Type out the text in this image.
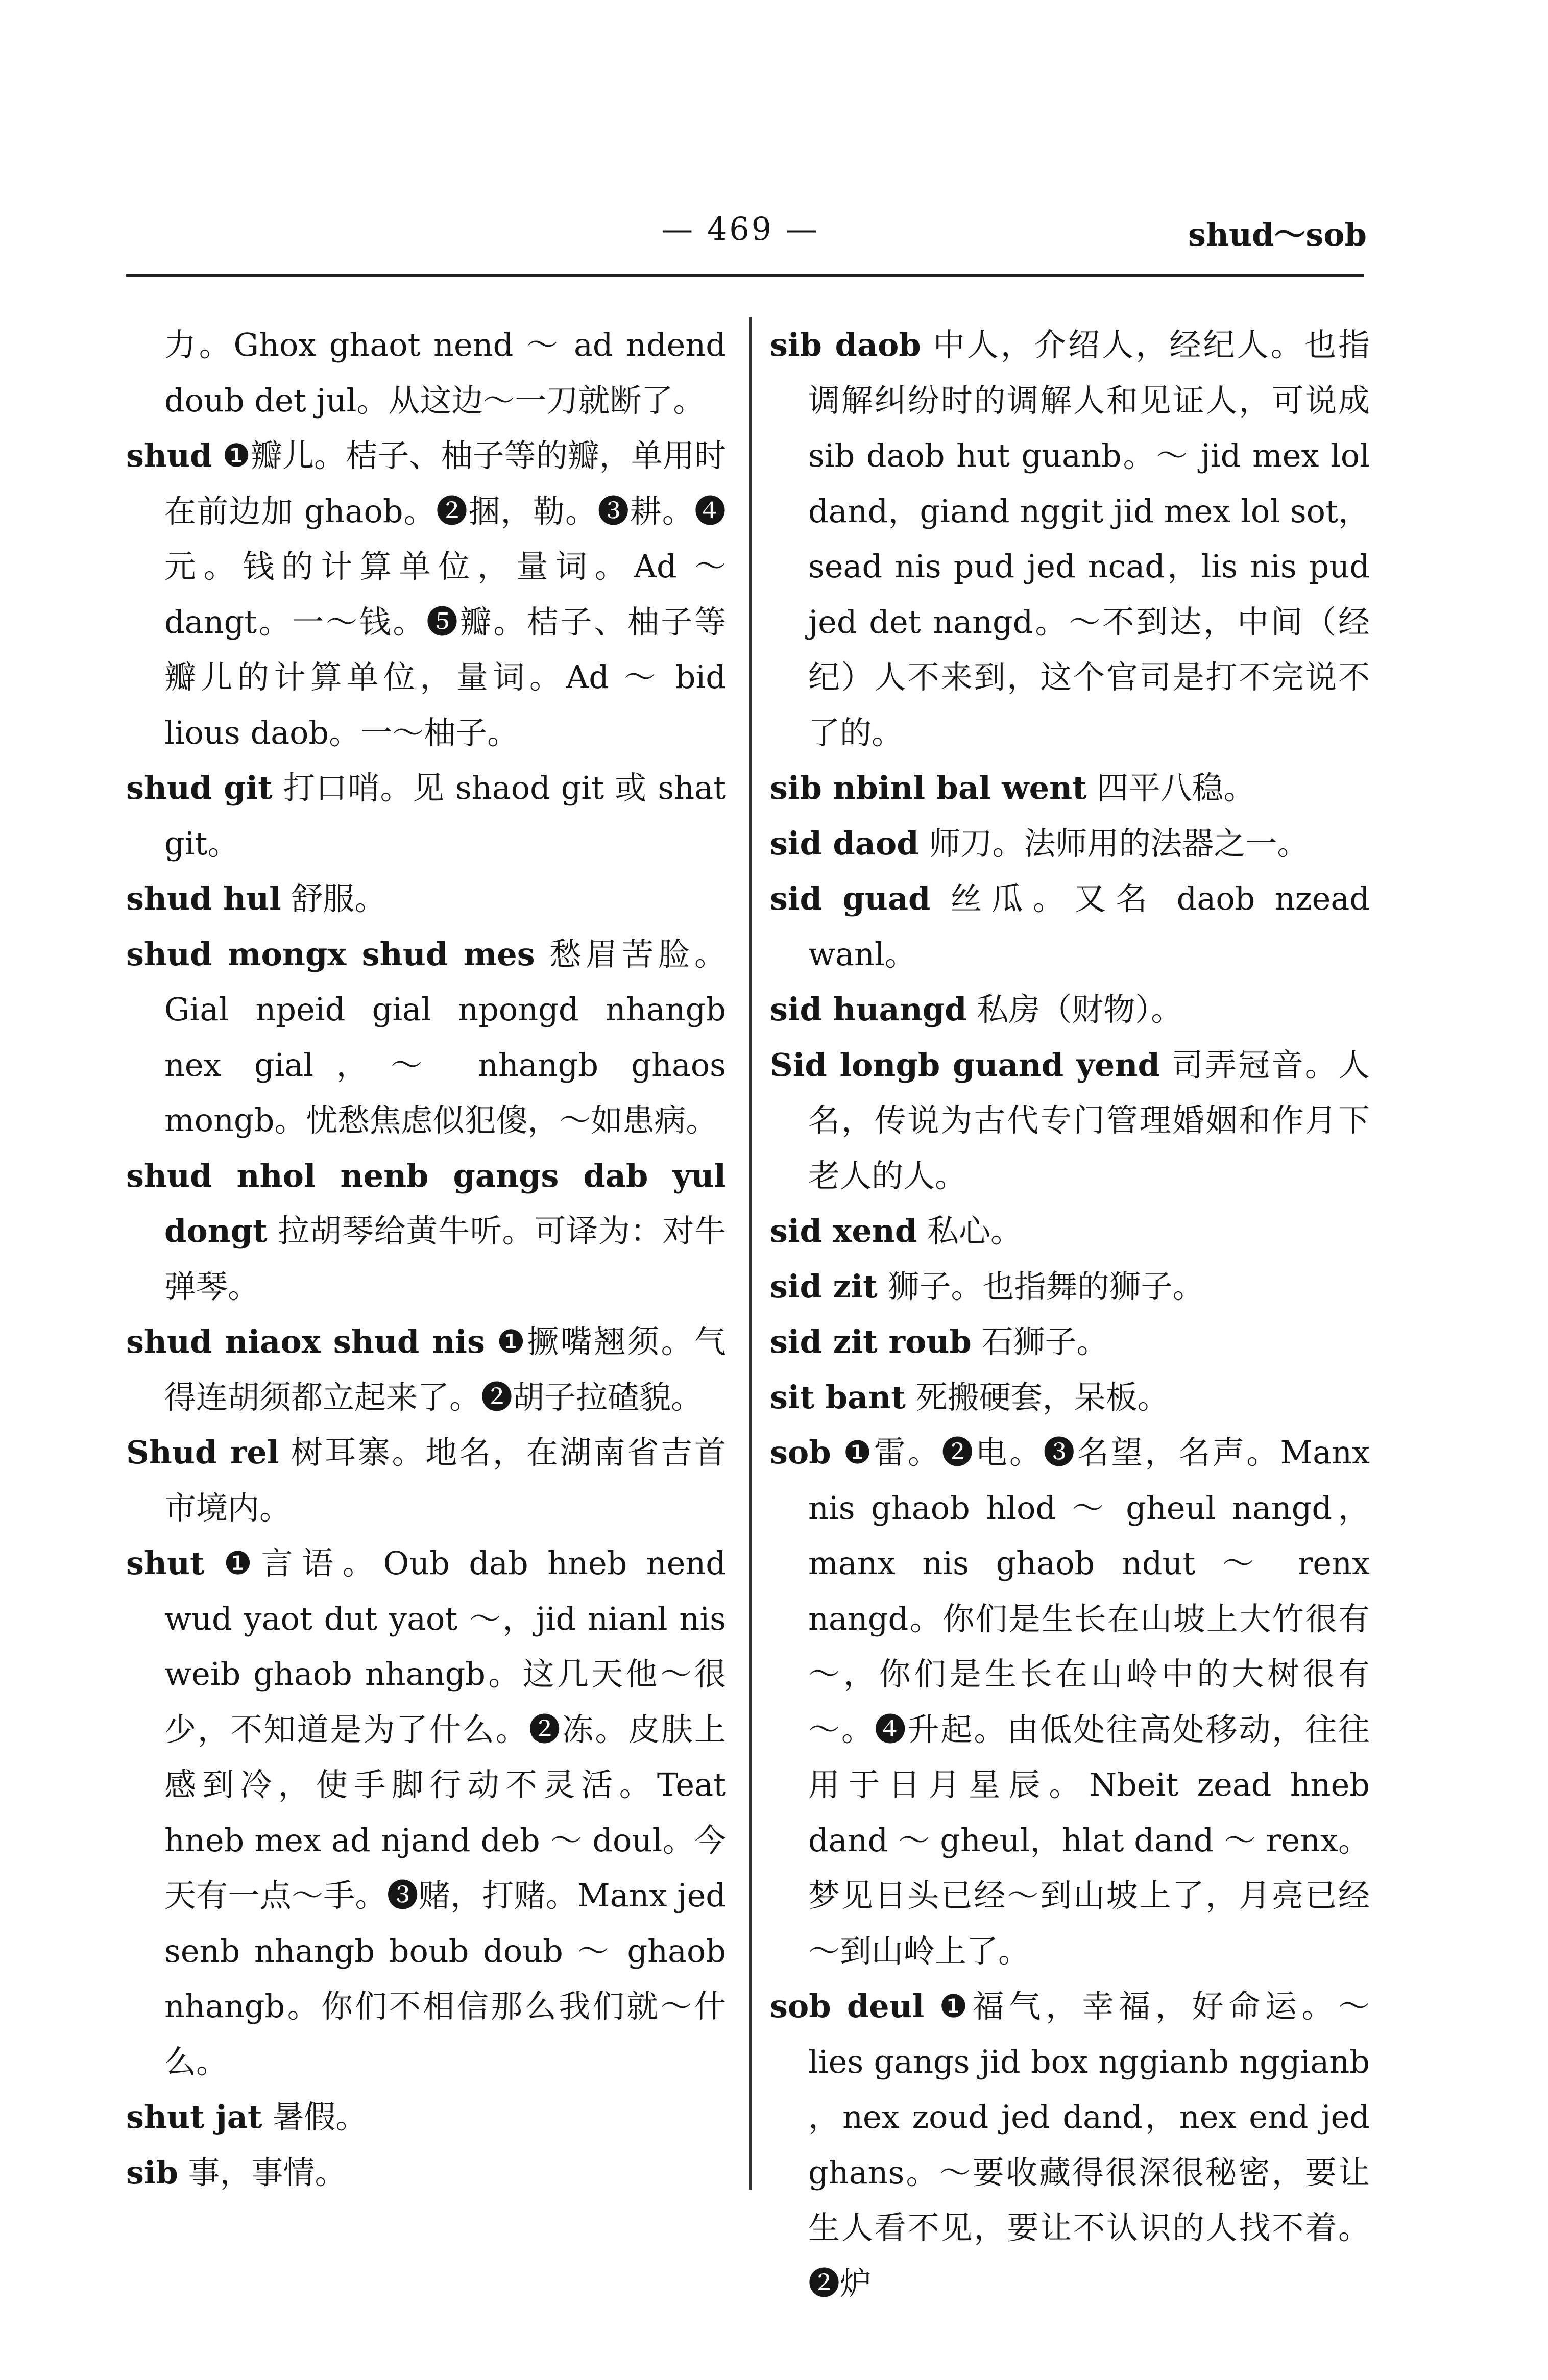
— 469 —	shud～sob

力。Ghox ghaot nend ～ ad ndend doub det jul。从这边～一刀就断了。

shud ❶瓣儿。桔子、柚子等的瓣，单用时在前边加 ghaob。❷捆，勒。❸耕。❹元。钱的计算单位，量词。Ad ～ dangt。一～钱。❺瓣。桔子、柚子等瓣儿的计算单位，量词。Ad ～ bid lious daob。一～柚子。

shud git 打口哨。见 shaod git 或 shat git。

shud hul 舒服。

shud mongx shud mes 愁眉苦脸。Gial npeid gial npongd nhangb nex gial，～ nhangb ghaos mongb。忧愁焦虑似犯傻，～如患病。

shud nhol nenb gangs dab yul dongt 拉胡琴给黄牛听。可译为：对牛弹琴。

shud niaox shud nis ❶撅嘴翘须。气得连胡须都立起来了。❷胡子拉碴貌。

Shud rel 树耳寨。地名，在湖南省吉首市境内。

shut ❶言语。Oub dab hneb nend wud yaot dut yaot ～，jid nianl nis weib ghaob nhangb。这几天他～很少，不知道是为了什么。❷冻。皮肤上感到冷，使手脚行动不灵活。Teat hneb mex ad njand deb ～ doul。今天有一点～手。❸赌，打赌。Manx jed senb nhangb boub doub ～ ghaob nhangb。你们不相信那么我们就～什么。

shut jat 暑假。

sib 事，事情。

sib daob 中人，介绍人，经纪人。也指调解纠纷时的调解人和见证人，可说成 sib daob hut guanb。～ jid mex lol dand，giand nggit jid mex lol sot，sead nis pud jed ncad，lis nis pud jed det nangd。～不到达，中间（经纪）人不来到，这个官司是打不完说不了的。

sib nbinl bal went 四平八稳。

sid daod 师刀。法师用的法器之一。

sid guad 丝瓜。又名 daob nzead wanl。

sid huangd 私房（财物）。

Sid longb guand yend 司弄冠音。人名，传说为古代专门管理婚姻和作月下老人的人。

sid xend 私心。

sid zit 狮子。也指舞的狮子。

sid zit roub 石狮子。

sit bant 死搬硬套，呆板。

sob ❶雷。❷电。❸名望，名声。Manx nis ghaob hlod ～ gheul nangd，manx nis ghaob ndut ～ renx nangd。你们是生长在山坡上大竹很有～，你们是生长在山岭中的大树很有～。❹升起。由低处往高处移动，往往用于日月星辰。Nbeit zead hneb dand ～ gheul，hlat dand ～ renx。梦见日头已经～到山坡上了，月亮已经～到山岭上了。

sob deul ❶福气，幸福，好命运。～ lies gangs jid box nggianb nggianb ，nex zoud jed dand，nex end jed ghans。～要收藏得很深很秘密，要让生人看不见，要让不认识的人找不着。❷炉
